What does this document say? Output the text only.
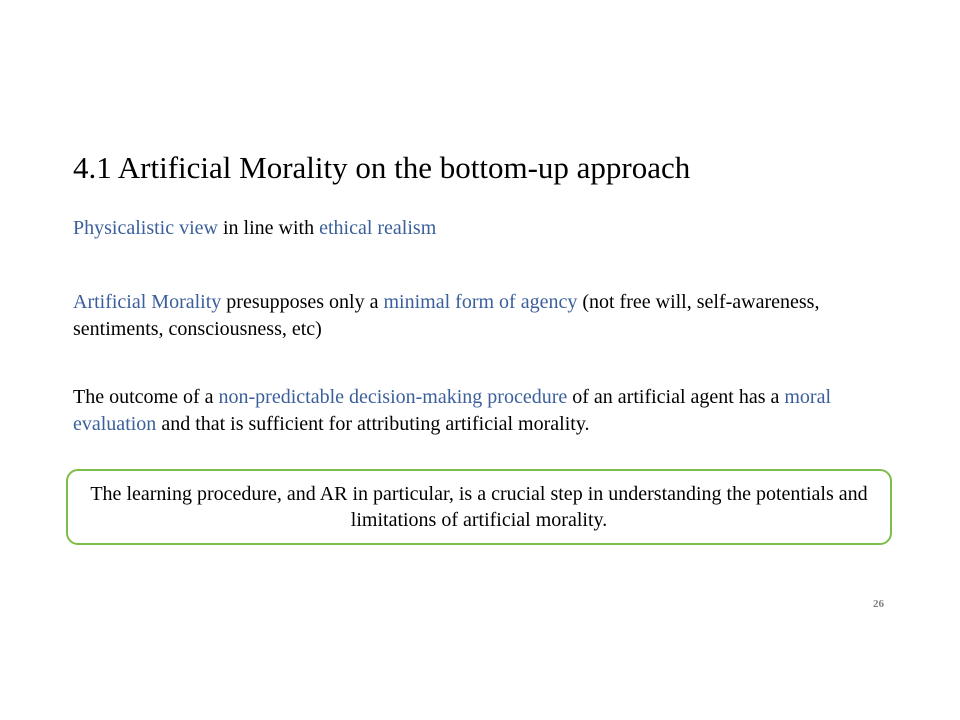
4.1 Artificial Morality on the bottom-up approach

Physicalistic view in line with ethical realism

Artificial Morality presupposes only a minimal form of agency (not free will, self-awareness, sentiments, consciousness, etc)

The outcome of a non-predictable decision-making procedure of an artificial agent has a moral evaluation and that is sufficient for attributing artificial morality.

The learning procedure, and AR in particular, is a crucial step in understanding the potentials and limitations of artificial morality.

26
